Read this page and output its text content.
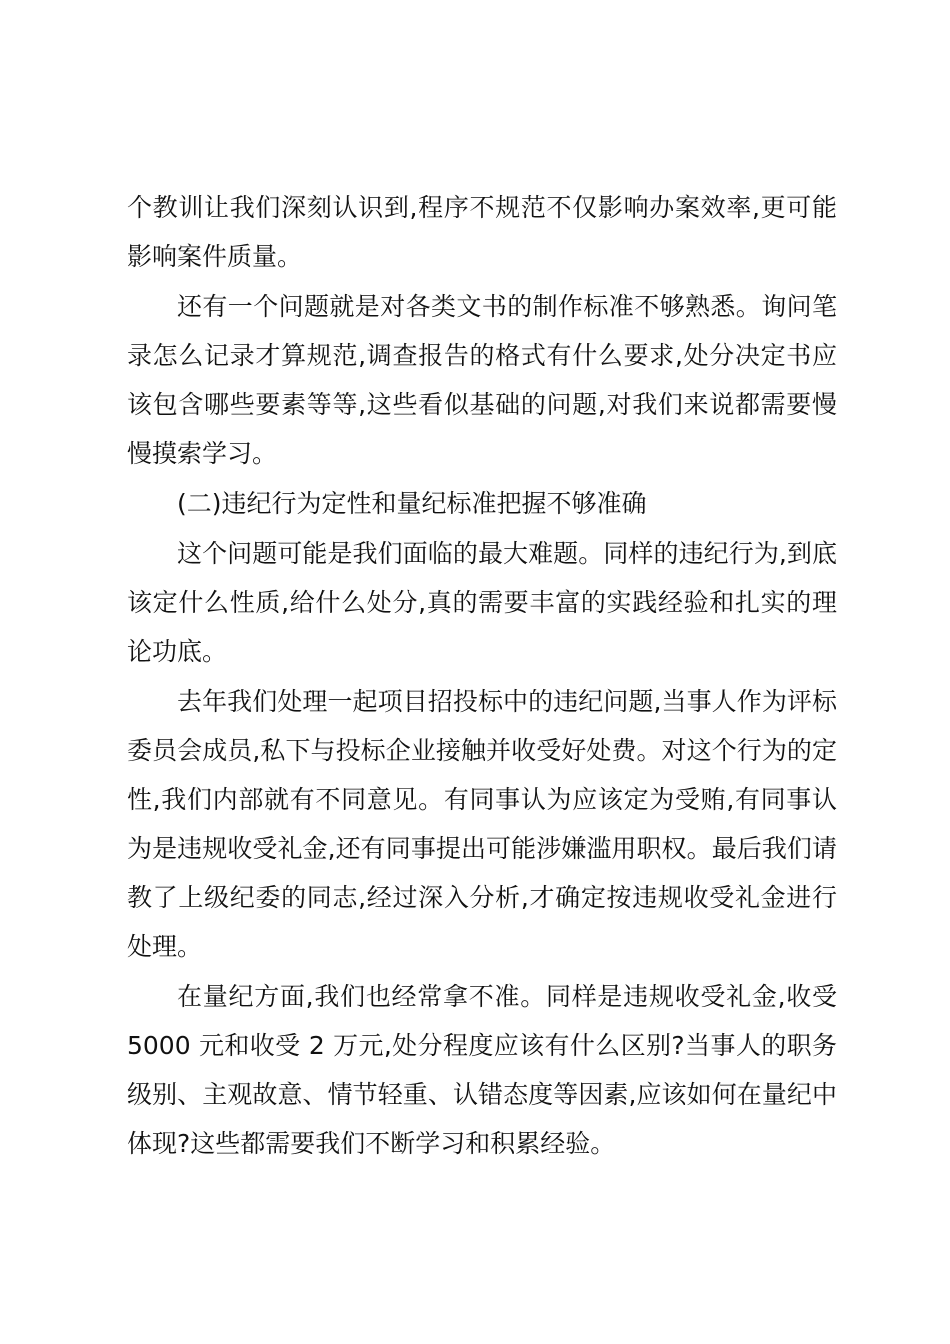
个教训让我们深刻认识到,程序不规范不仅影响办案效率,更可能影响案件质量。

还有一个问题就是对各类文书的制作标准不够熟悉。询问笔录怎么记录才算规范,调查报告的格式有什么要求,处分决定书应该包含哪些要素等等,这些看似基础的问题,对我们来说都需要慢慢摸索学习。

(二)违纪行为定性和量纪标准把握不够准确

这个问题可能是我们面临的最大难题。同样的违纪行为,到底该定什么性质,给什么处分,真的需要丰富的实践经验和扎实的理论功底。

去年我们处理一起项目招投标中的违纪问题,当事人作为评标委员会成员,私下与投标企业接触并收受好处费。对这个行为的定性,我们内部就有不同意见。有同事认为应该定为受贿,有同事认为是违规收受礼金,还有同事提出可能涉嫌滥用职权。最后我们请教了上级纪委的同志,经过深入分析,才确定按违规收受礼金进行处理。

在量纪方面,我们也经常拿不准。同样是违规收受礼金,收受5000 元和收受 2 万元,处分程度应该有什么区别?当事人的职务级别、主观故意、情节轻重、认错态度等因素,应该如何在量纪中体现?这些都需要我们不断学习和积累经验。
